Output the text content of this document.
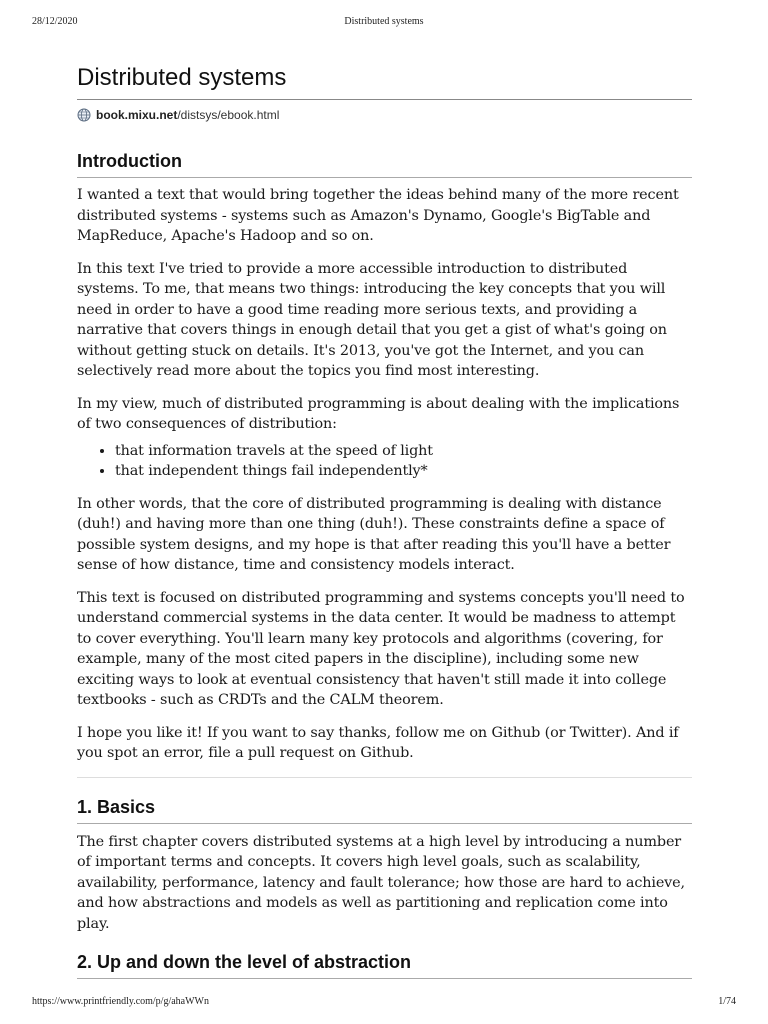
28/12/2020	Distributed systems
Distributed systems
book.mixu.net /distsys/ebook.html
Introduction

I wanted a text that would bring together the ideas behind many of the more recent distributed systems - systems such as Amazon's Dynamo, Google's BigTable and MapReduce, Apache's Hadoop and so on.

In this text I've tried to provide a more accessible introduction to distributed systems. To me, that means two things: introducing the key concepts that you will need in order to have a good time reading more serious texts, and providing a narrative that covers things in enough detail that you get a gist of what's going on without getting stuck on details. It's 2013, you've got the Internet, and you can selectively read more about the topics you find most interesting.

In my view, much of distributed programming is about dealing with the implications of two consequences of distribution:

• that information travels at the speed of light
• that independent things fail independently*

In other words, that the core of distributed programming is dealing with distance (duh!) and having more than one thing (duh!). These constraints define a space of possible system designs, and my hope is that after reading this you'll have a better sense of how distance, time and consistency models interact.

This text is focused on distributed programming and systems concepts you'll need to understand commercial systems in the data center. It would be madness to attempt to cover everything. You'll learn many key protocols and algorithms (covering, for example, many of the most cited papers in the discipline), including some new exciting ways to look at eventual consistency that haven't still made it into college textbooks - such as CRDTs and the CALM theorem.

I hope you like it! If you want to say thanks, follow me on Github (or Twitter). And if you spot an error, file a pull request on Github.

1. Basics

The first chapter covers distributed systems at a high level by introducing a number of important terms and concepts. It covers high level goals, such as scalability, availability, performance, latency and fault tolerance; how those are hard to achieve, and how abstractions and models as well as partitioning and replication come into play.

2. Up and down the level of abstraction
https://www.printfriendly.com/p/g/ahaWWn	1/74
